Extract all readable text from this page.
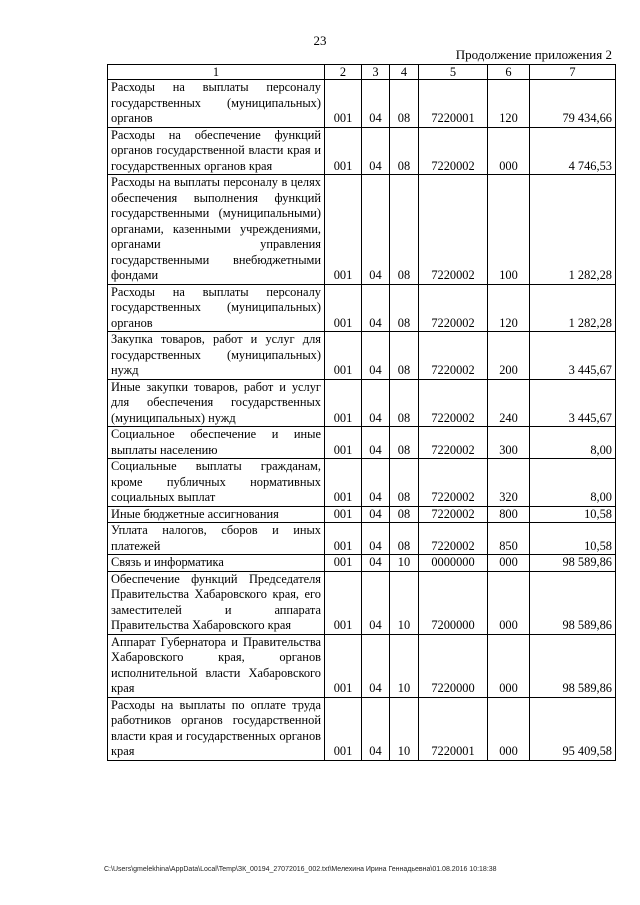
23
Продолжение приложения 2
1	2	3	4	5	6	7
Расходы на выплаты персоналу государственных (муниципальных) органов	001	04	08	7220001	120	79 434,66
Расходы на обеспечение функций органов государственной власти края и государственных органов края	001	04	08	7220002	000	4 746,53
Расходы на выплаты персоналу в целях обеспечения выполнения функций государственными (муниципальными) органами, казенными учреждениями, органами управления государственными внебюджетными фондами	001	04	08	7220002	100	1 282,28
Расходы на выплаты персоналу государственных (муниципальных) органов	001	04	08	7220002	120	1 282,28
Закупка товаров, работ и услуг для государственных (муниципальных) нужд	001	04	08	7220002	200	3 445,67
Иные закупки товаров, работ и услуг для обеспечения государственных (муниципальных) нужд	001	04	08	7220002	240	3 445,67
Социальное обеспечение и иные выплаты населению	001	04	08	7220002	300	8,00
Социальные выплаты гражданам, кроме публичных нормативных социальных выплат	001	04	08	7220002	320	8,00
Иные бюджетные ассигнования	001	04	08	7220002	800	10,58
Уплата налогов, сборов и иных платежей	001	04	08	7220002	850	10,58
Связь и информатика	001	04	10	0000000	000	98 589,86
Обеспечение функций Председателя Правительства Хабаровского края, его заместителей и аппарата Правительства Хабаровского края	001	04	10	7200000	000	98 589,86
Аппарат Губернатора и Правительства Хабаровского края, органов исполнительной власти Хабаровского края	001	04	10	7220000	000	98 589,86
Расходы на выплаты по оплате труда работников органов государственной власти края и государственных органов края	001	04	10	7220001	000	95 409,58
C:\Users\gmelekhina\AppData\Local\Temp\ЗК_00194_27072016_002.txt\Мелехина Ирина Геннадьевна\01.08.2016 10:18:38
